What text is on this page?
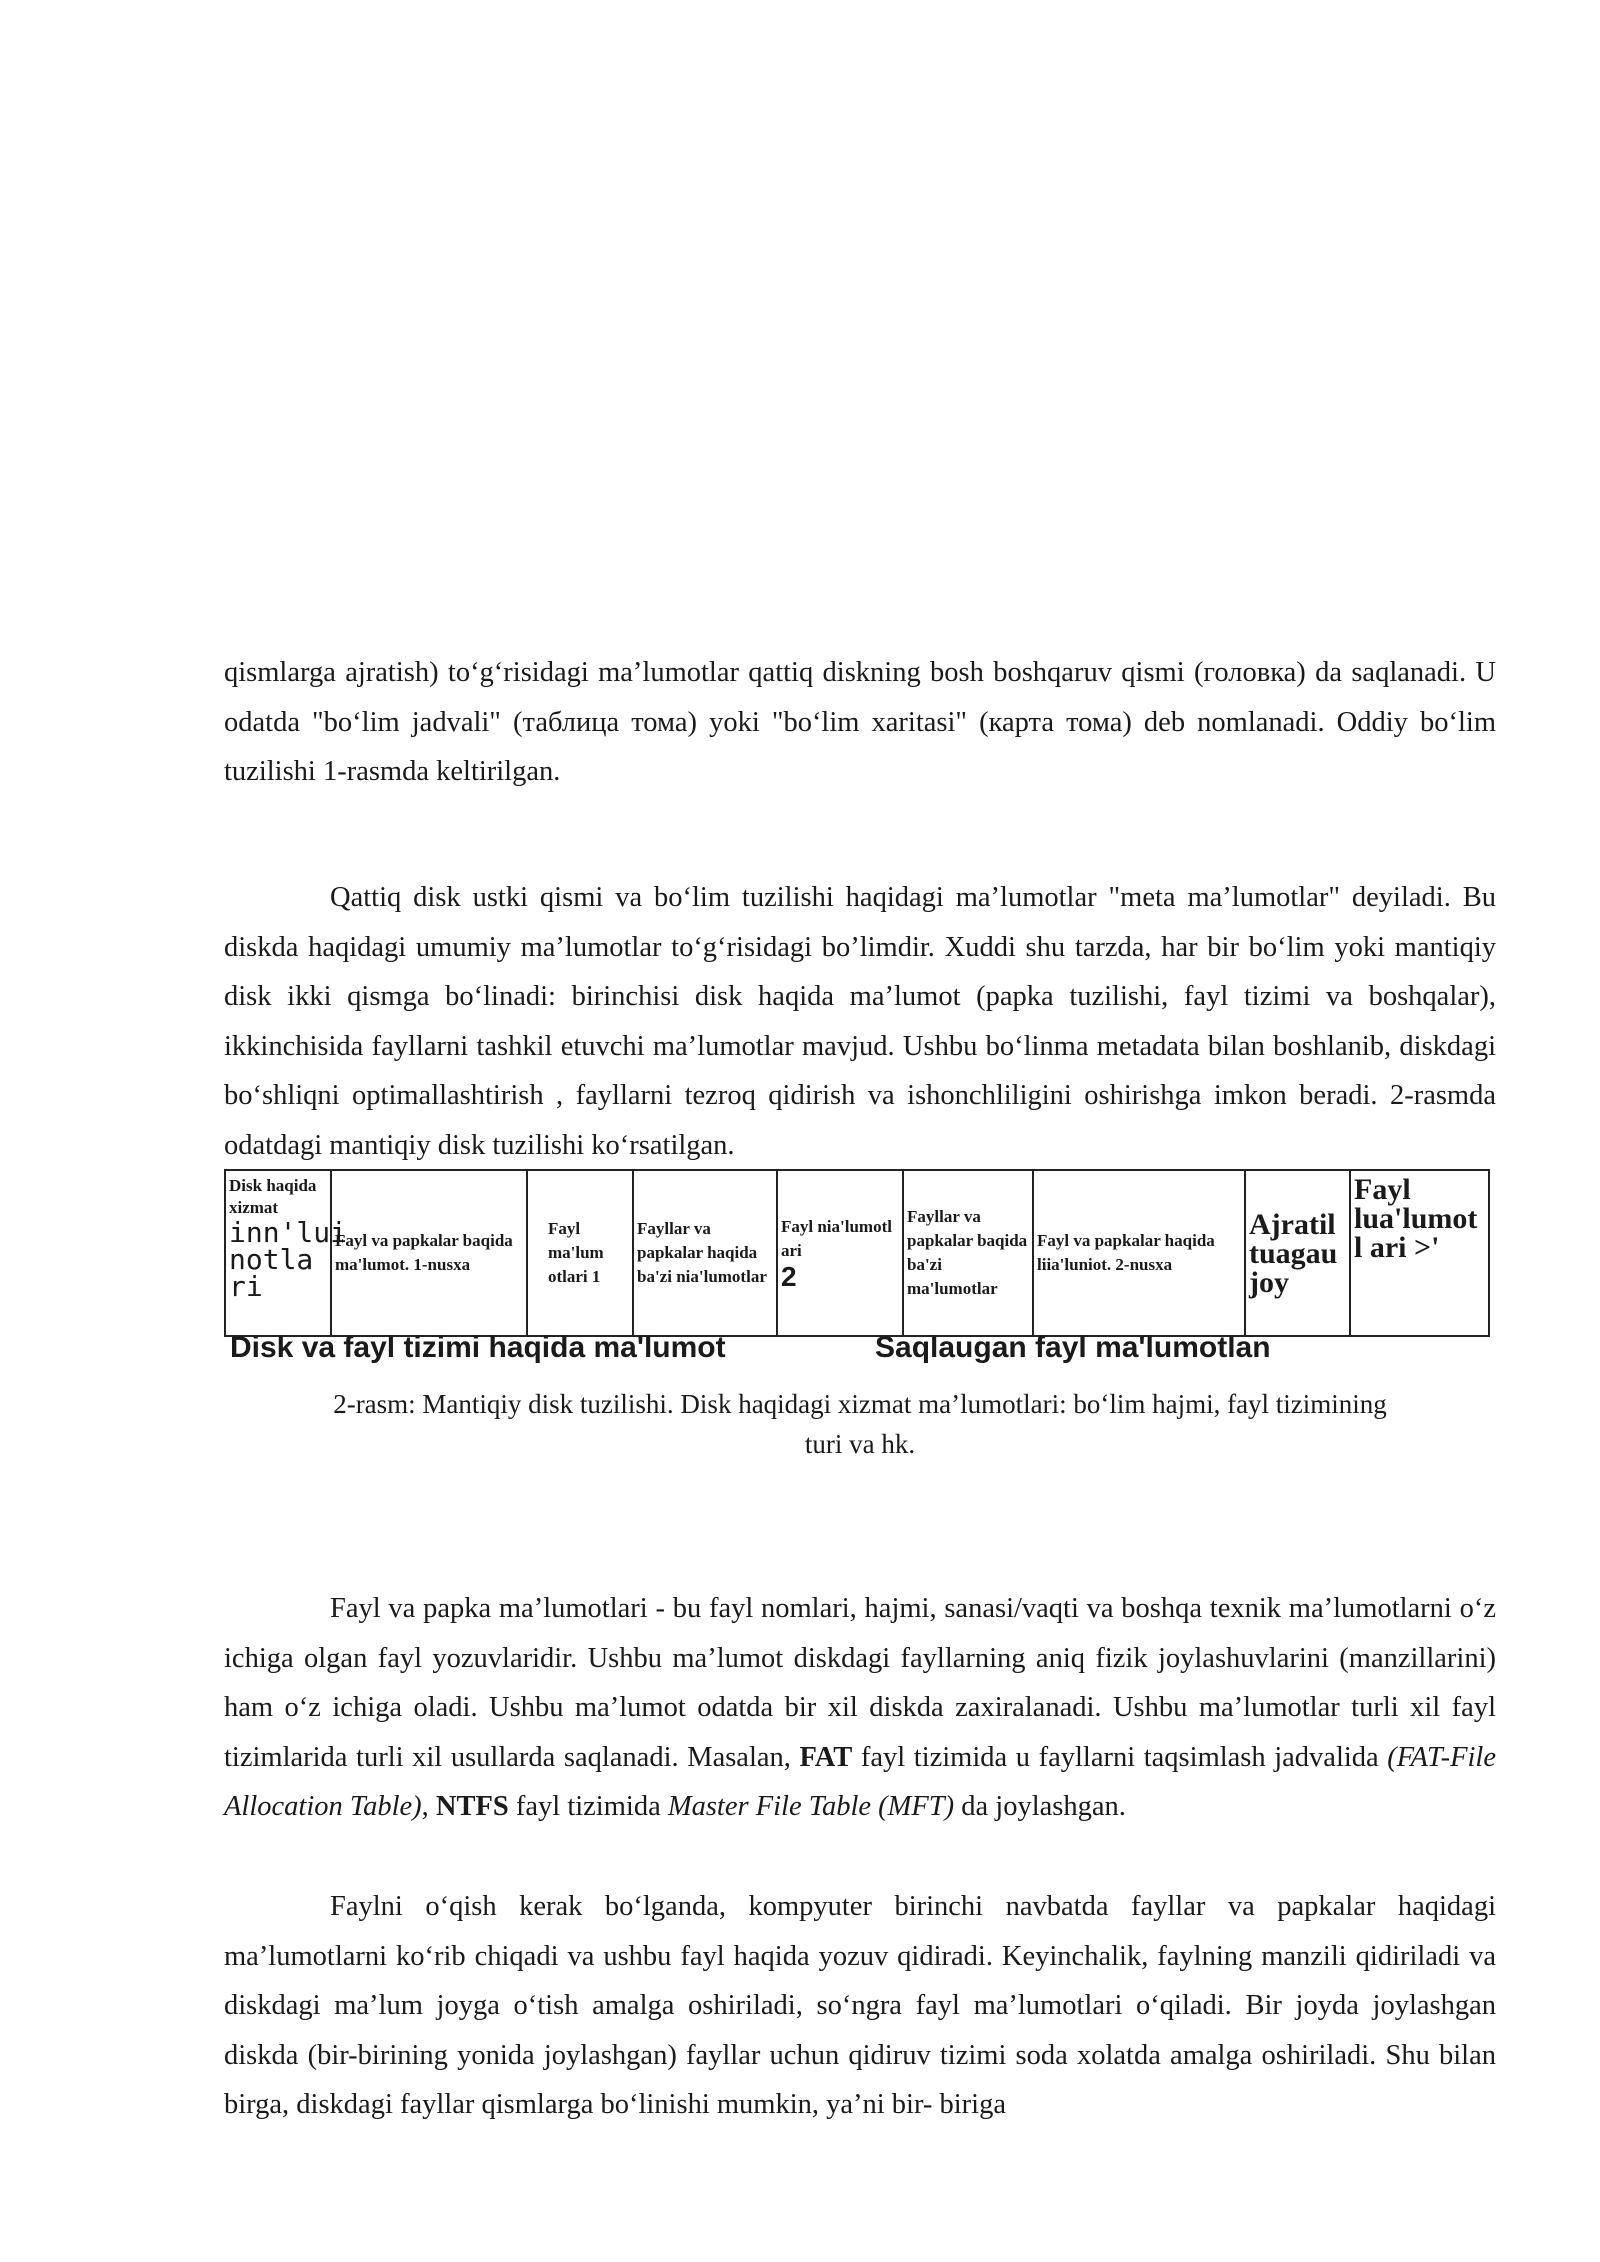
qismlarga ajratish) to‘g‘risidagi ma’lumotlar qattiq diskning bosh boshqaruv qismi (головка) da saqlanadi. U odatda "bo‘lim jadvali" (таблица тома) yoki "bo‘lim xaritasi" (карта тома) deb nomlanadi. Oddiy bo‘lim tuzilishi 1-rasmda keltirilgan.

Qattiq disk ustki qismi va bo‘lim tuzilishi haqidagi ma’lumotlar "meta ma’lumotlar" deyiladi. Bu diskda haqidagi umumiy ma’lumotlar to‘g‘risidagi bo’limdir. Xuddi shu tarzda, har bir bo‘lim yoki mantiqiy disk ikki qismga bo‘linadi: birinchisi disk haqida ma’lumot (papka tuzilishi, fayl tizimi va boshqalar), ikkinchisida fayllarni tashkil etuvchi ma’lumotlar mavjud. Ushbu bo‘linma metadata bilan boshlanib, diskdagi bo‘shliqni optimallashtirish , fayllarni tezroq qidirish va ishonchliligini oshirishga imkon beradi. 2-rasmda odatdagi mantiqiy disk tuzilishi ko‘rsatilgan.

Disk haqida xizmat
inn'lui notla ri
Fayl va papkalar baqida ma'lumot. 1-nusxa
Fayl ma'lum otlari 1
Fayllar va papkalar haqida ba'zi nia'lumotlar
Fayl nia'lumotl ari
2
Fayllar va papkalar baqida ba'zi ma'lumotlar
Fayl va papkalar haqida liia'luniot. 2-nusxa
Ajratil tuagau joy
Fayl lua'lumot l ari >'
Disk va fayl tizimi haqida ma'lumot	Saqlaugan fayl ma'lumotlan

2-rasm: Mantiqiy disk tuzilishi. Disk haqidagi xizmat ma’lumotlari: bo‘lim hajmi, fayl tizimining turi va hk.

Fayl va papka ma’lumotlari - bu fayl nomlari, hajmi, sanasi/vaqti va boshqa texnik ma’lumotlarni o‘z ichiga olgan fayl yozuvlaridir. Ushbu ma’lumot diskdagi fayllarning aniq fizik joylashuvlarini (manzillarini) ham o‘z ichiga oladi. Ushbu ma’lumot odatda bir xil diskda zaxiralanadi. Ushbu ma’lumotlar turli xil fayl tizimlarida turli xil usullarda saqlanadi. Masalan, FAT fayl tizimida u fayllarni taqsimlash jadvalida (FAT-File Allocation Table), NTFS fayl tizimida Master File Table (MFT) da joylashgan.

Faylni o‘qish kerak bo‘lganda, kompyuter birinchi navbatda fayllar va papkalar haqidagi ma’lumotlarni ko‘rib chiqadi va ushbu fayl haqida yozuv qidiradi. Keyinchalik, faylning manzili qidiriladi va diskdagi ma’lum joyga o‘tish amalga oshiriladi, so‘ngra fayl ma’lumotlari o‘qiladi. Bir joyda joylashgan diskda (bir-birining yonida joylashgan) fayllar uchun qidiruv tizimi soda xolatda amalga oshiriladi. Shu bilan birga, diskdagi fayllar qismlarga bo‘linishi mumkin, ya’ni bir- biriga
